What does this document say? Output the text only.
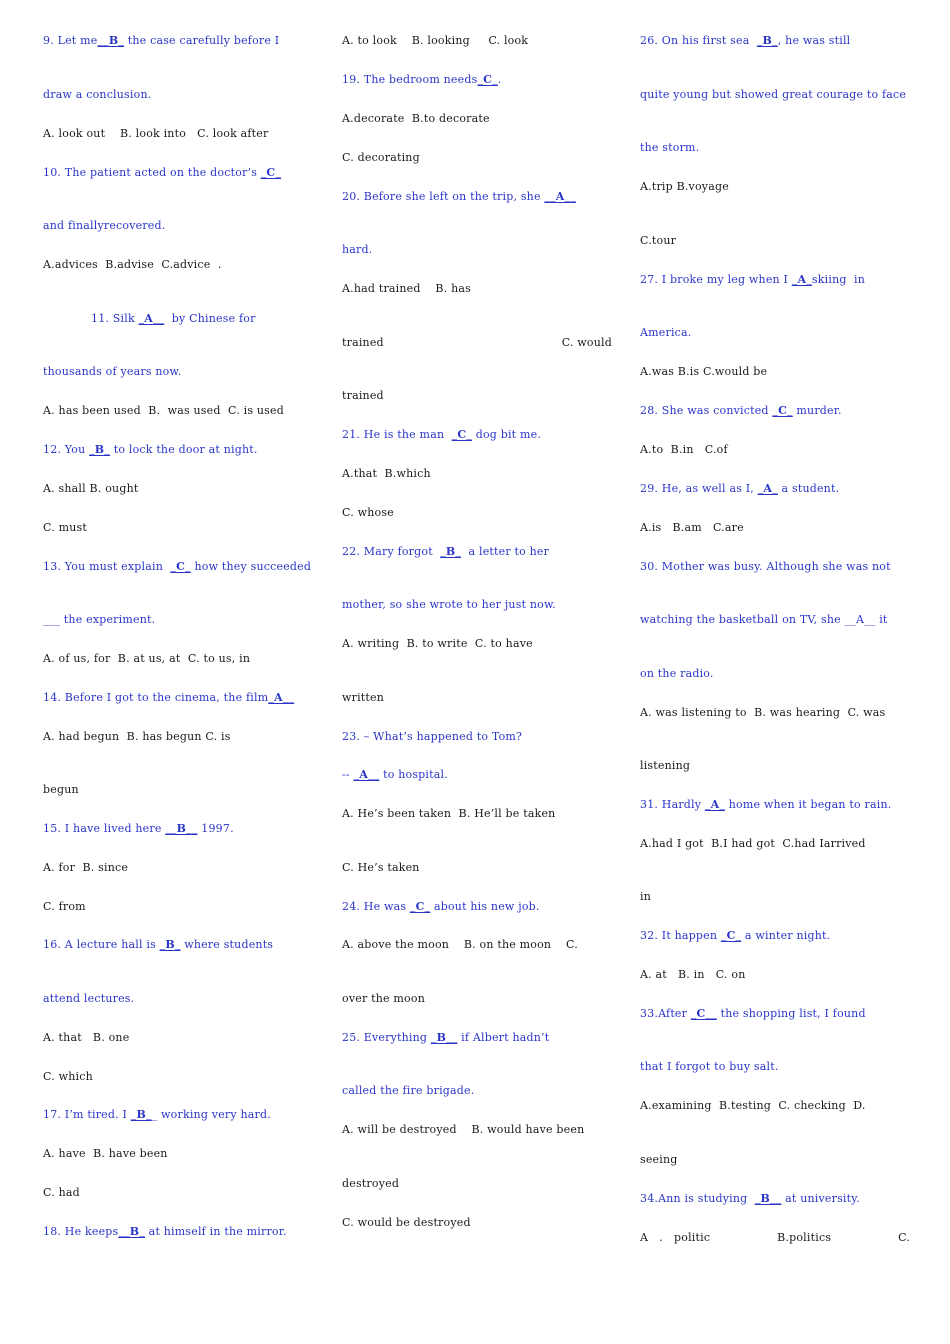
9. Let me__B_ the case carefully before I
draw a conclusion.
A. look out    B. look into   C. look after
10. The patient acted on the doctor’s _C_
and finallyrecovered.
A.advices  B.advise  C.advice  .
11. Silk _A__  by Chinese for
thousands of years now.
A. has been used  B.  was used  C. is used
12. You _B_ to lock the door at night.
A. shall B. ought
C. must
13. You must explain  _C_ how they succeeded
___ the experiment.
A. of us, for  B. at us, at  C. to us, in
14. Before I got to the cinema, the film_A__
A. had begun  B. has begun C. is
begun
15. I have lived here __B__ 1997.
A. for  B. since
C. from
16. A lecture hall is _B_ where students
attend lectures.
A. that   B. one
C. which
17. I’m tired. I _B__ working very hard.
A. have  B. have been
C. had
18. He keeps__B_ at himself in the mirror.
A. to look    B. looking     C. look
19. The bedroom needs_C_.
A.decorate  B.to decorate
C. decorating
20. Before she left on the trip, she __A__
hard.
A.had trained    B. has
trained	C. would
trained
21. He is the man  _C_ dog bit me.
A.that  B.which
C. whose
22. Mary forgot  _B_  a letter to her
mother, so she wrote to her just now.
A. writing  B. to write  C. to have
written
23. – What’s happened to Tom?
-- _A__ to hospital.
A. He’s been taken  B. He’ll be taken
C. He’s taken
24. He was _C_ about his new job.
A. above the moon    B. on the moon    C.
over the moon
25. Everything _B__ if Albert hadn’t
called the fire brigade.
A. will be destroyed    B. would have been
destroyed
C. would be destroyed
26. On his first sea  _B_, he was still
quite young but showed great courage to face
the storm.
A.trip B.voyage
C.tour
27. I broke my leg when I _A_skiing  in
America.
A.was B.is C.would be
28. She was convicted _C_ murder.
A.to  B.in   C.of
29. He, as well as I, _A_ a student.
A.is   B.am   C.are
30. Mother was busy. Although she was not
watching the basketball on TV, she __A__ it
on the radio.
A. was listening to  B. was hearing  C. was
listening
31. Hardly _A_ home when it began to rain.
A.had I got  B.I had got  C.had Iarrived
in
32. It happen _C_ a winter night.
A. at   B. in   C. on
33.After _C__ the shopping list, I found
that I forgot to buy salt.
A.examining  B.testing  C. checking  D.
seeing
34.Ann is studying  _B__ at university.
A   .   politic	B.politics	C.
